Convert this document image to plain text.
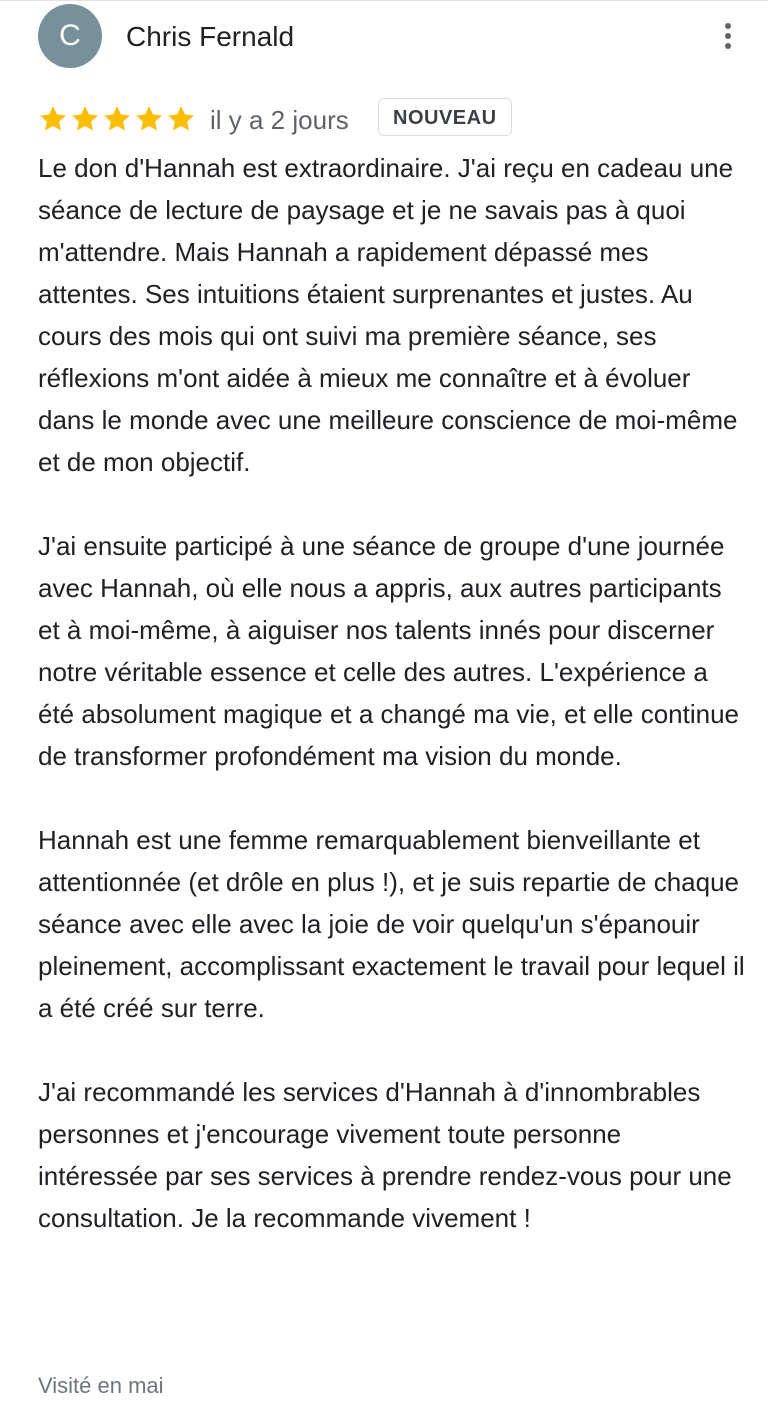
C	Chris Fernald
il y a 2 jours	NOUVEAU

Le don d'Hannah est extraordinaire. J'ai reçu en cadeau une séance de lecture de paysage et je ne savais pas à quoi m'attendre. Mais Hannah a rapidement dépassé mes attentes. Ses intuitions étaient surprenantes et justes. Au cours des mois qui ont suivi ma première séance, ses réflexions m'ont aidée à mieux me connaître et à évoluer dans le monde avec une meilleure conscience de moi-même et de mon objectif.

J'ai ensuite participé à une séance de groupe d'une journée avec Hannah, où elle nous a appris, aux autres participants et à moi-même, à aiguiser nos talents innés pour discerner notre véritable essence et celle des autres. L'expérience a été absolument magique et a changé ma vie, et elle continue de transformer profondément ma vision du monde.

Hannah est une femme remarquablement bienveillante et attentionnée (et drôle en plus !), et je suis repartie de chaque séance avec elle avec la joie de voir quelqu'un s'épanouir pleinement, accomplissant exactement le travail pour lequel il a été créé sur terre.

J'ai recommandé les services d'Hannah à d'innombrables personnes et j'encourage vivement toute personne intéressée par ses services à prendre rendez-vous pour une consultation. Je la recommande vivement !

Visité en mai
